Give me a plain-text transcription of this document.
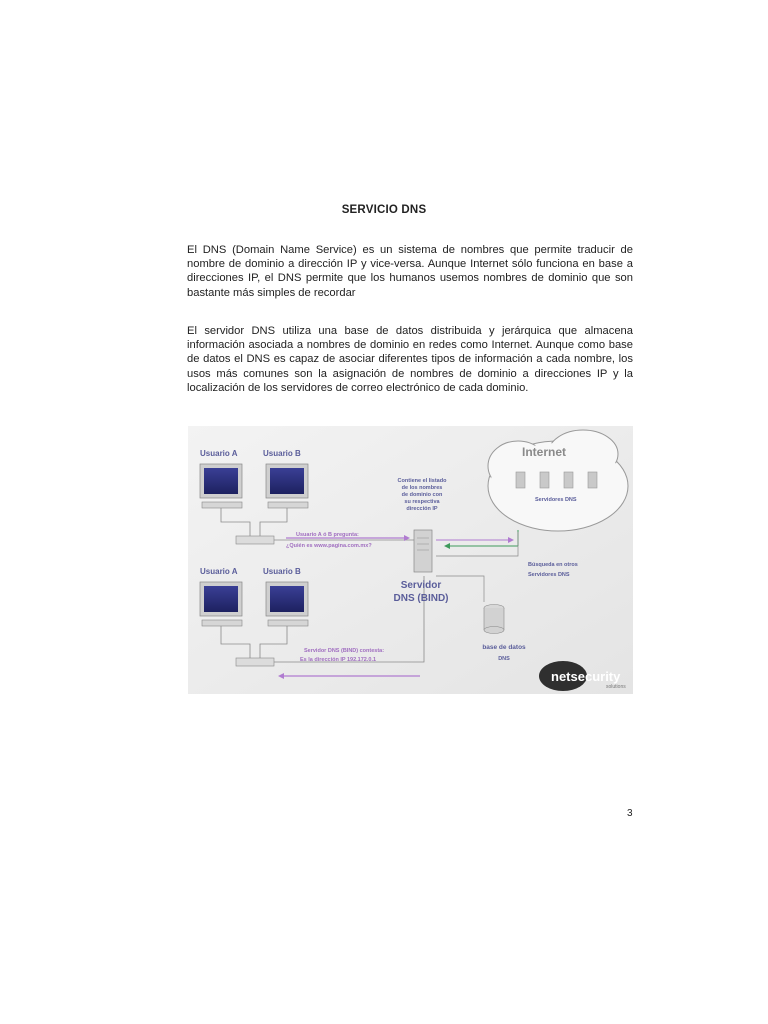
SERVICIO DNS

El DNS (Domain Name Service) es un sistema de nombres que permite traducir de nombre de dominio a dirección IP y vice-versa. Aunque Internet sólo funciona en base a direcciones IP, el DNS permite que los humanos usemos nombres de dominio que son bastante más simples de recordar

El servidor DNS utiliza una base de datos distribuida y jerárquica que almacena información asociada a nombres de dominio en redes como Internet. Aunque como base de datos el DNS es capaz de asociar diferentes tipos de información a cada nombre, los usos más comunes son la asignación de nombres de dominio a direcciones IP y la localización de los servidores de correo electrónico de cada dominio.

Internet
Servidores DNS
Usuario A	Usuario B
Usuario A	Usuario B
Servidor
DNS (BIND)
Contiene el listado
de los nombres
de dominio con
su respectiva
dirección IP
Usuario A ó B pregunta:
¿Quién es www.pagina.com.mx?
Servidor DNS (BIND) contesta:
Es la dirección IP 192.172.0.1
Búsqueda en otros
Servidores DNS
base de datos
DNS
netsecurity
solutions
3
